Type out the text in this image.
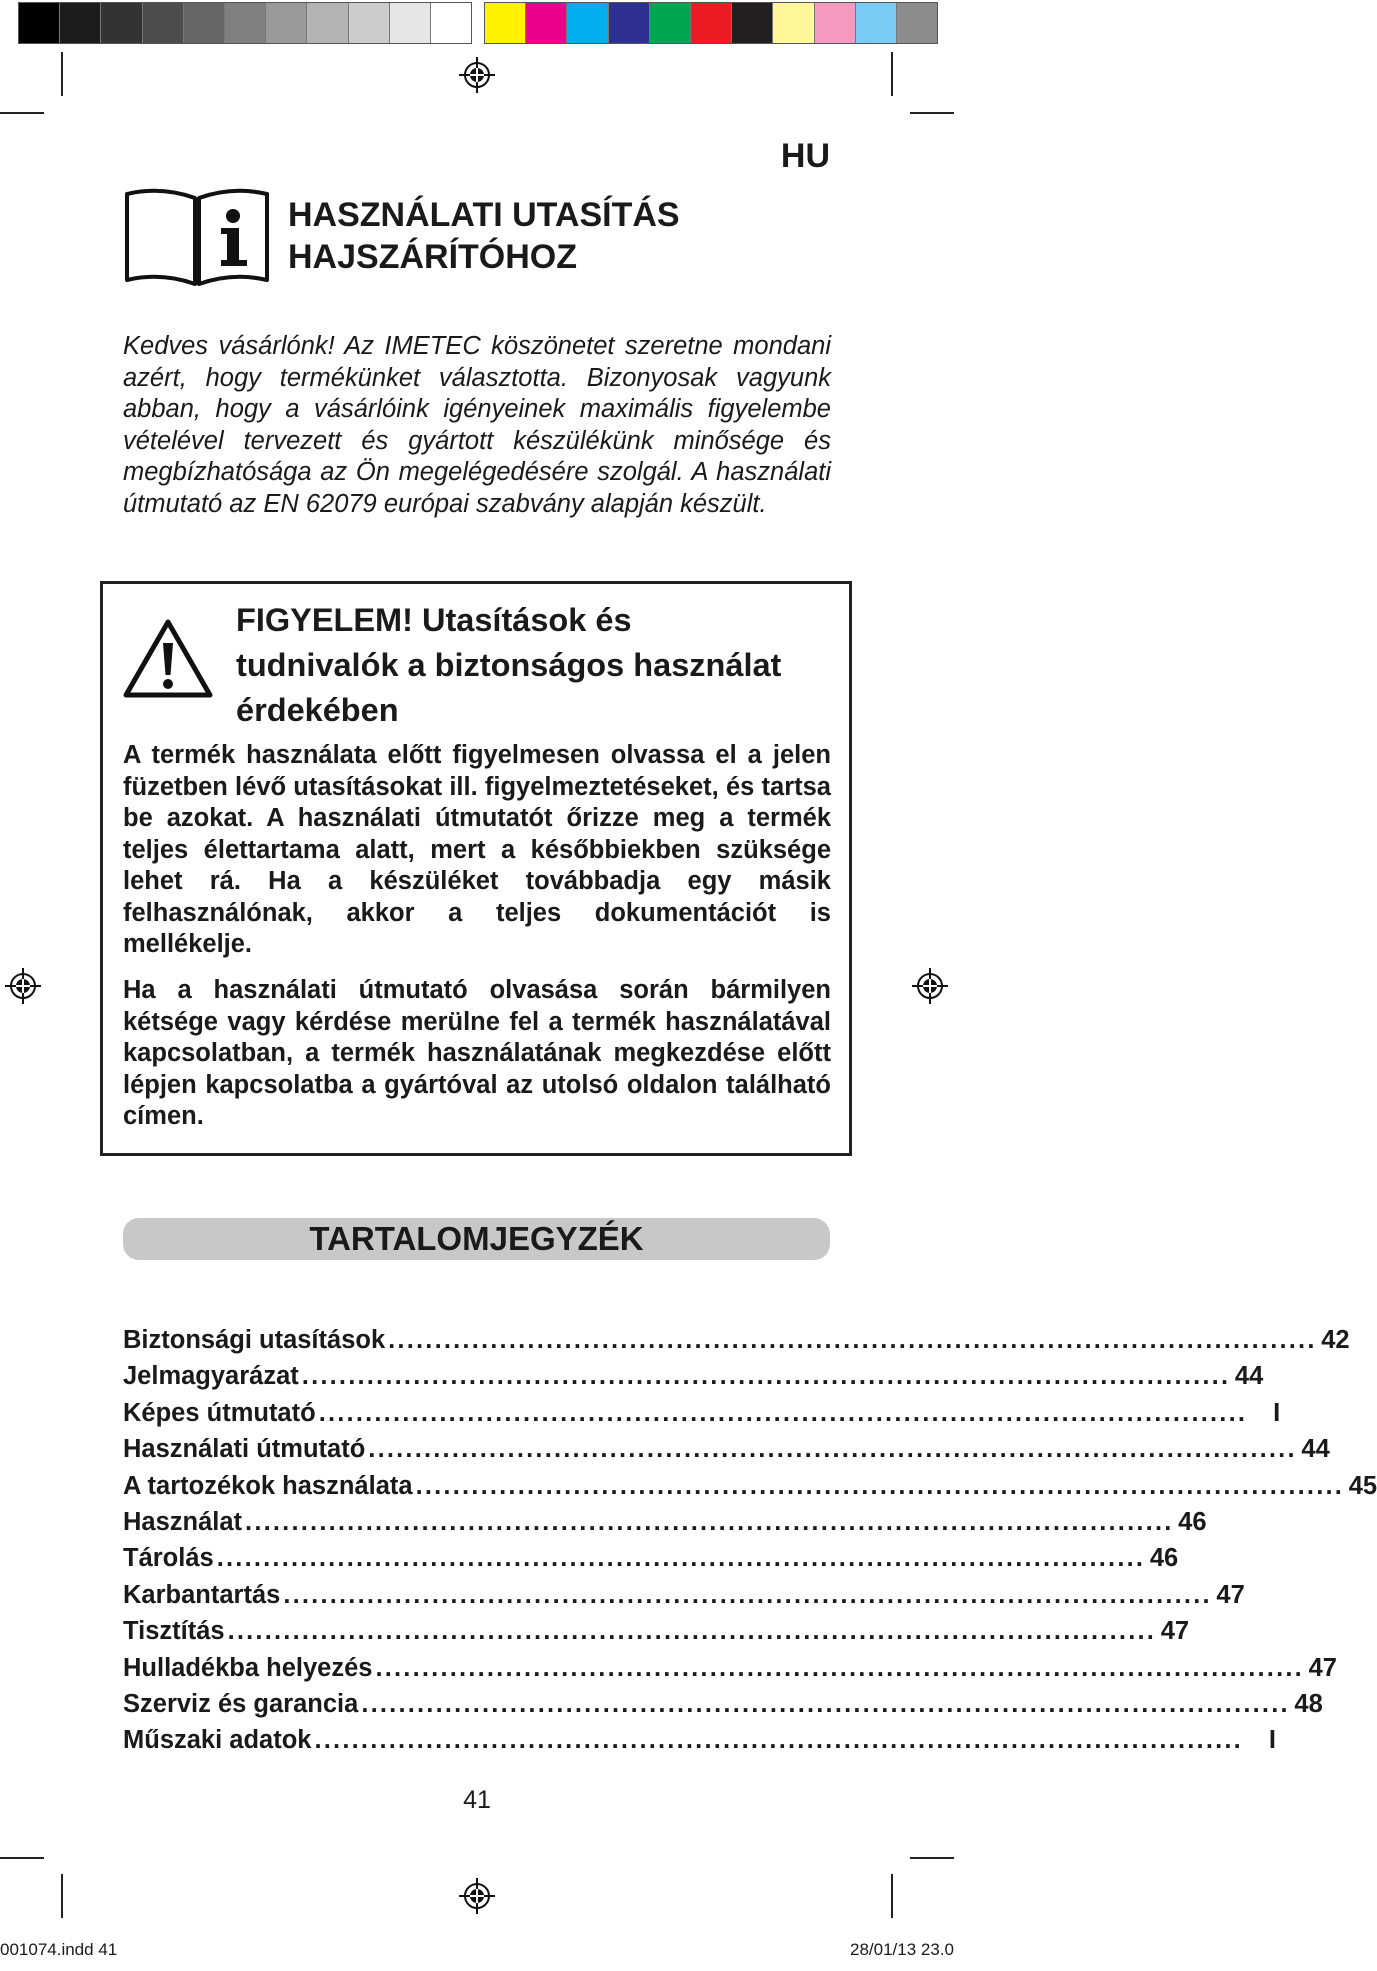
HU
HASZNÁLATI UTASÍTÁS
HAJSZÁRÍTÓHOZ
Kedves vásárlónk! Az IMETEC köszönetet szeretne mondani azért, hogy termékünket választotta. Bizonyosak vagyunk abban, hogy a vásárlóink igényeinek maximális figyelembe vételével tervezett és gyártott készülékünk minősége és megbízhatósága az Ön megelégedésére szolgál. A használati útmutató az EN 62079 európai szabvány alapján készült.
FIGYELEM! Utasítások és
tudnivalók a biztonságos használat
érdekében
A termék használata előtt figyelmesen olvassa el a jelen füzetben lévő utasításokat ill. figyelmeztetéseket, és tartsa be azokat. A használati útmutatót őrizze meg a termék teljes élettartama alatt, mert a későbbiekben szüksége lehet rá. Ha a készüléket továbbadja egy másik felhasználónak, akkor a teljes dokumentációt is mellékelje.
Ha a használati útmutató olvasása során bármilyen kétsége vagy kérdése merülne fel a termék használatával kapcsolatban, a termék használatának megkezdése előtt lépjen kapcsolatba a gyártóval az utolsó oldalon található címen.
TARTALOMJEGYZÉK
Biztonsági utasítások .................................................................................................... 42
Jelmagyarázat .................................................................................................... 44
Képes útmutató ....................................................................................................	I
Használati útmutató .................................................................................................... 44
A tartozékok használata .................................................................................................... 45
Használat .................................................................................................... 46
Tárolás .................................................................................................... 46
Karbantartás .................................................................................................... 47
Tisztítás .................................................................................................... 47
Hulladékba helyezés .................................................................................................... 47
Szerviz és garancia .................................................................................................... 48
Műszaki adatok ....................................................................................................	I
41
001074.indd 41	28/01/13 23.0
